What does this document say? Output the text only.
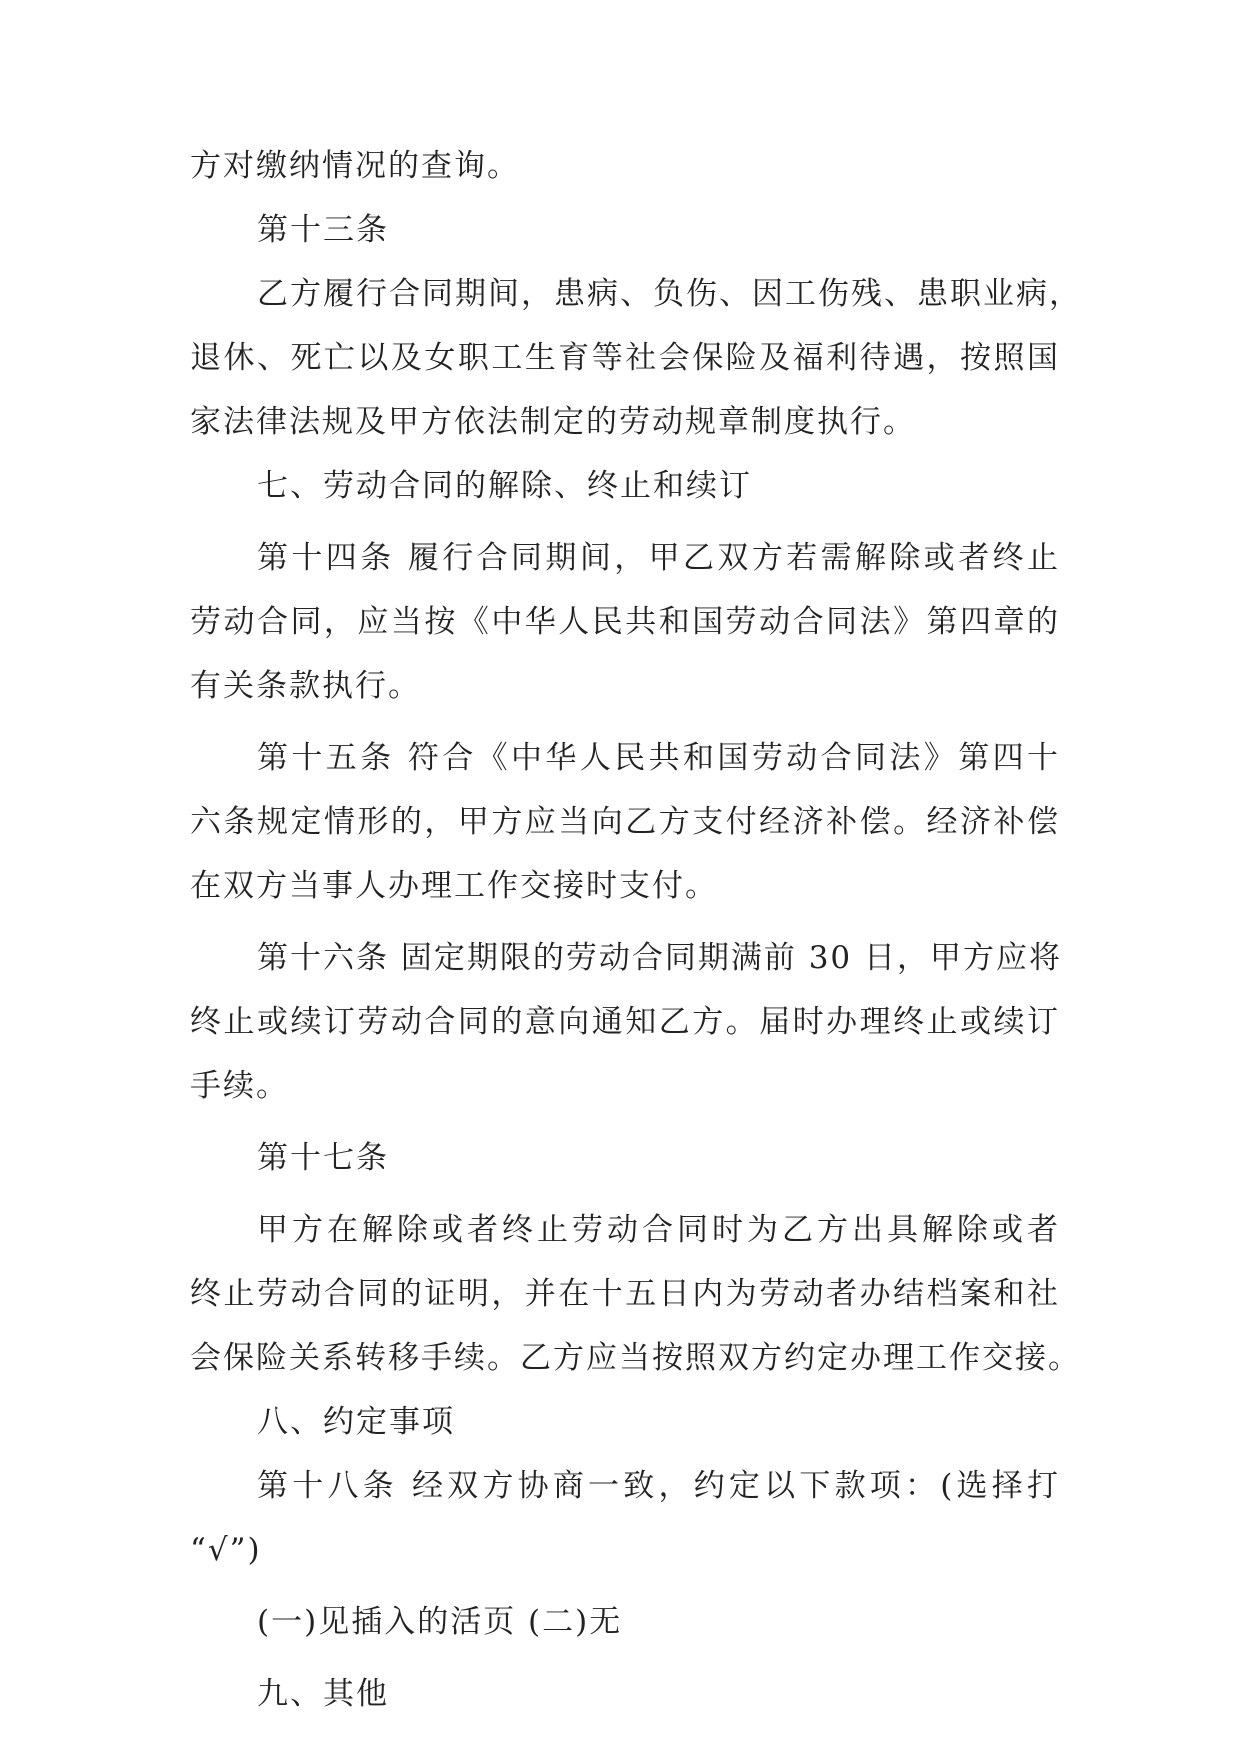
方对缴纳情况的查询。
第十三条
乙方履行合同期间，患病、负伤、因工伤残、患职业病，
退休、死亡以及女职工生育等社会保险及福利待遇，按照国
家法律法规及甲方依法制定的劳动规章制度执行。
七、劳动合同的解除、终止和续订
第十四条 履行合同期间，甲乙双方若需解除或者终止
劳动合同，应当按《中华人民共和国劳动合同法》第四章的
有关条款执行。
第十五条 符合《中华人民共和国劳动合同法》第四十
六条规定情形的，甲方应当向乙方支付经济补偿。经济补偿
在双方当事人办理工作交接时支付。
第十六条 固定期限的劳动合同期满前 30 日，甲方应将
终止或续订劳动合同的意向通知乙方。届时办理终止或续订
手续。
第十七条
甲方在解除或者终止劳动合同时为乙方出具解除或者
终止劳动合同的证明，并在十五日内为劳动者办结档案和社
会保险关系转移手续。乙方应当按照双方约定办理工作交接。
八、约定事项
第十八条 经双方协商一致，约定以下款项：(选择打
“√”)
(一)见插入的活页 (二)无
九、其他
